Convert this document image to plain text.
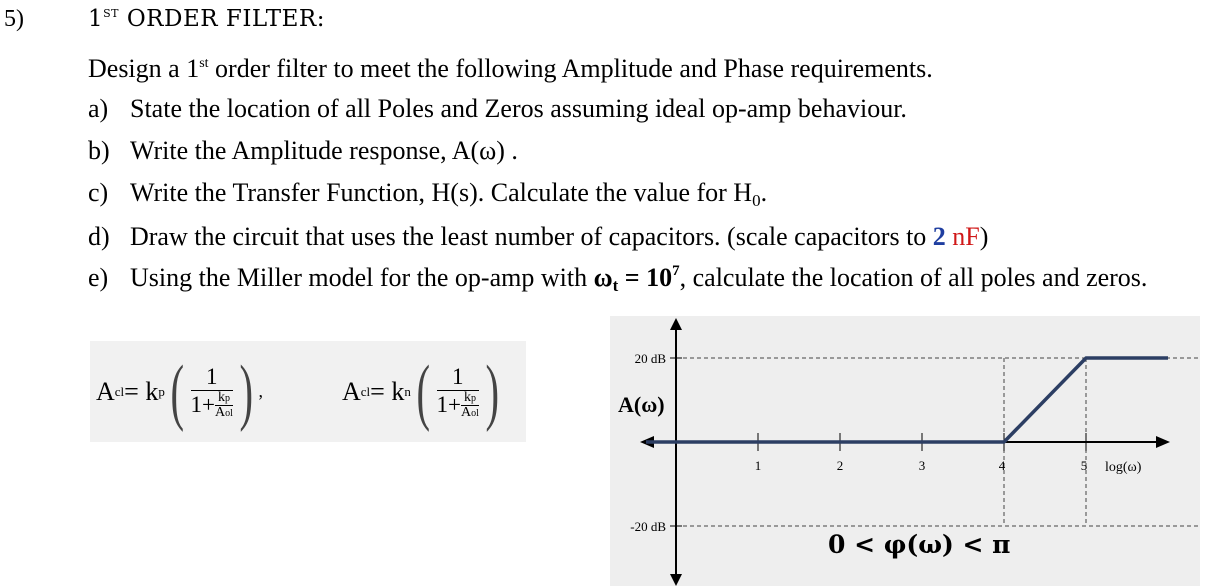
5)	1ST ORDER FILTER:
Design a 1st order filter to meet the following Amplitude and Phase requirements.
a) State the location of all Poles and Zeros assuming ideal op-amp behaviour.
b) Write the Amplitude response, A(ω) .
c) Write the Transfer Function, H(s). Calculate the value for $H_0$.
d) Draw the circuit that uses the least number of capacitors. (scale capacitors to 2 nF)
e) Using the Miller model for the op-amp with $\omega_t = 10^7$, calculate the location of all poles and zeros.
A cl = k p ( 1
1+ kp
Aol ) ,	A cl = k n ( 1
1+ kp
Aol )	20 dB
-20 dB
1	2	3	4	5
A(ω)
log(ω)
0 < φ(ω) < π
